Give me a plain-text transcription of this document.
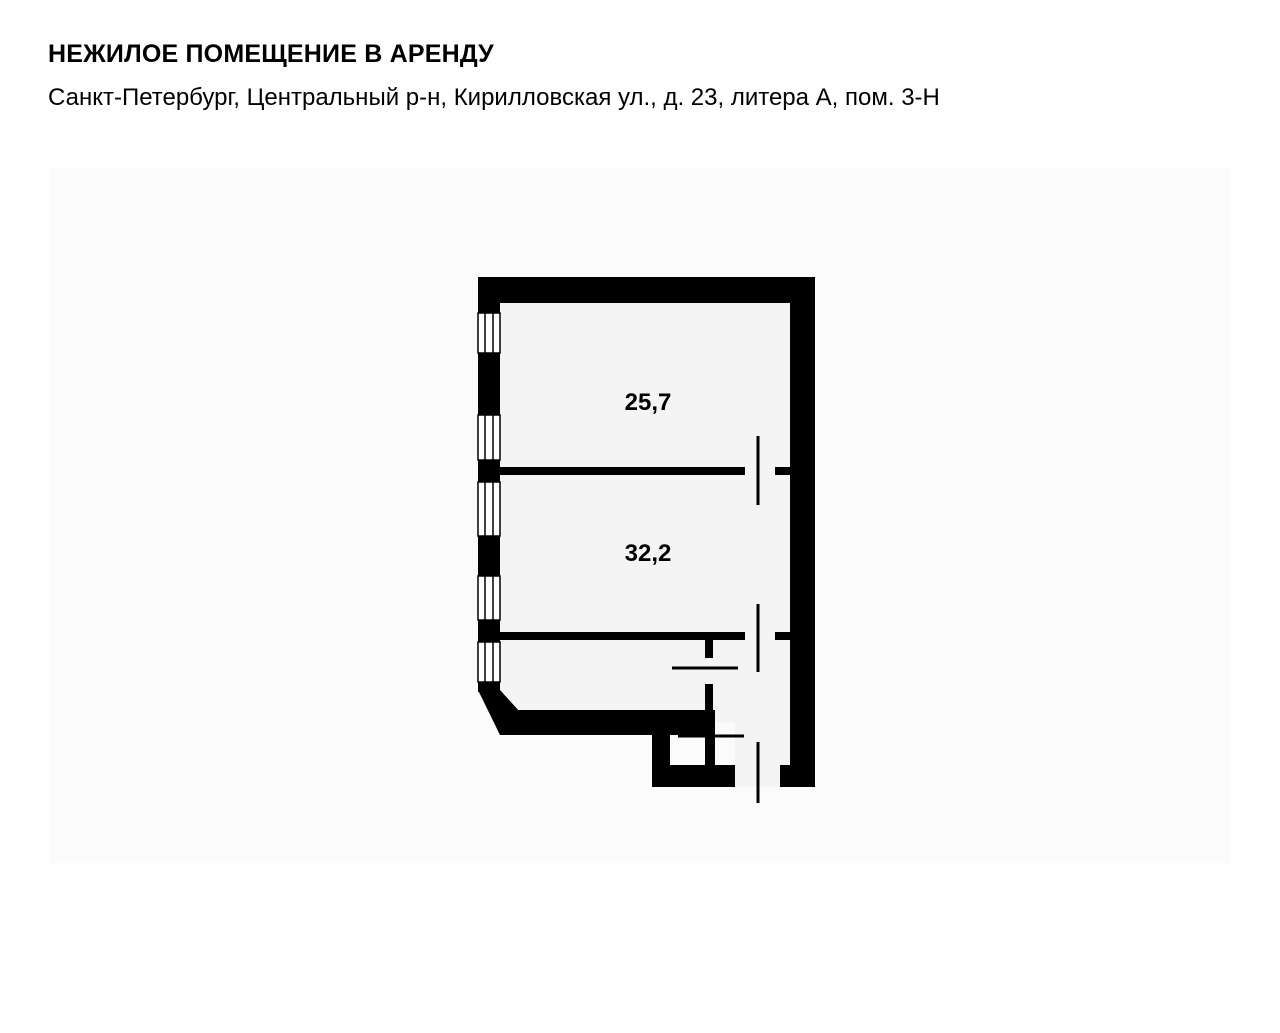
НЕЖИЛОЕ ПОМЕЩЕНИЕ В АРЕНДУ
Санкт-Петербург, Центральный р-н, Кирилловская ул., д. 23, литера А, пом. 3-Н
25,7
32,2
